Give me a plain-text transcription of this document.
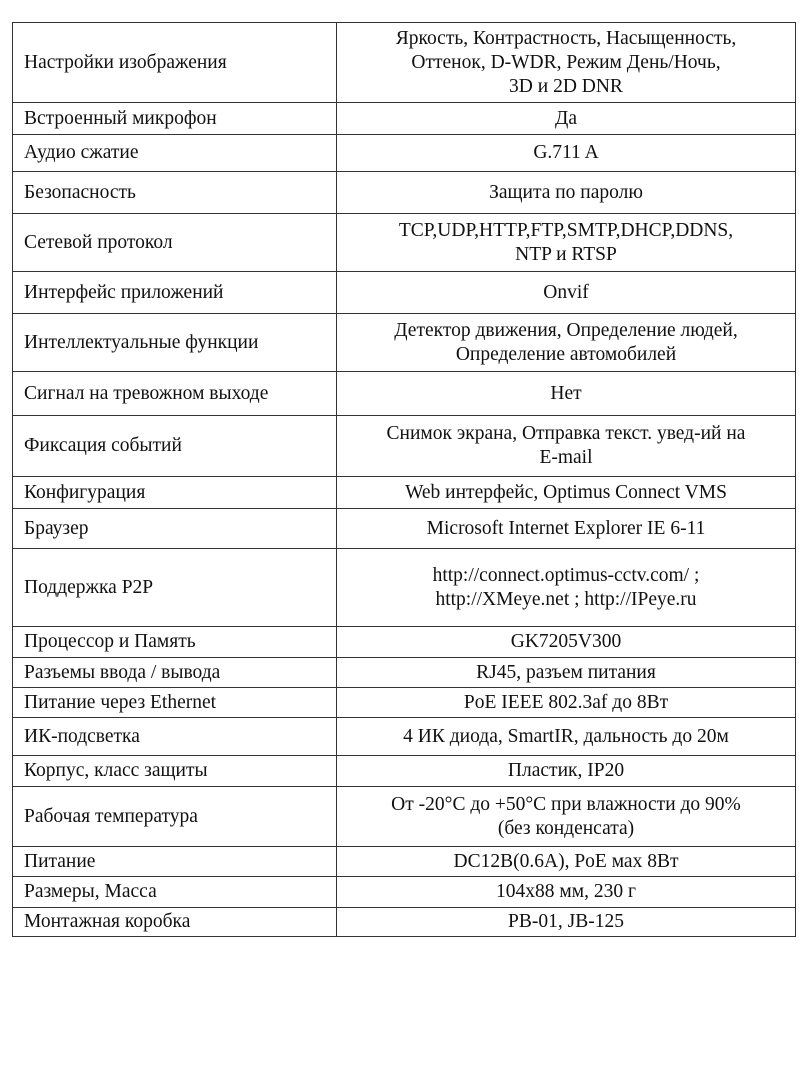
Настройки изображения	Яркость, Контрастность, Насыщенность,
Оттенок, D-WDR, Режим День/Ночь,
3D и 2D DNR
Встроенный микрофон	Да
Аудио сжатие	G.711 A
Безопасность	Защита по паролю
Сетевой протокол	TCP,UDP,HTTP,FTP,SMTP,DHCP,DDNS,
NTP и RTSP
Интерфейс приложений	Onvif
Интеллектуальные функции	Детектор движения, Определение людей,
Определение автомобилей
Сигнал на тревожном выходе	Нет
Фиксация событий	Снимок экрана, Отправка текст. увед-ий на
E-mail
Конфигурация	Web интерфейс, Optimus Connect VMS
Браузер	Microsoft Internet Explorer IE 6-11
Поддержка P2P	http://connect.optimus-cctv.com/ ;
http://XMeye.net ; http://IPeye.ru
Процессор и Память	GK7205V300
Разъемы ввода / вывода	RJ45, разъем питания
Питание через Ethernet	PoE IEEE 802.3af до 8Вт
ИК-подсветка	4 ИК диода, SmartIR, дальность до 20м
Корпус, класс защиты	Пластик, IP20
Рабочая температура	От -20°С до +50°С при влажности до 90%
(без конденсата)
Питание	DC12В(0.6А), PoE мах 8Вт
Размеры, Масса	104x88 мм, 230 г
Монтажная коробка	PB-01, JB-125
